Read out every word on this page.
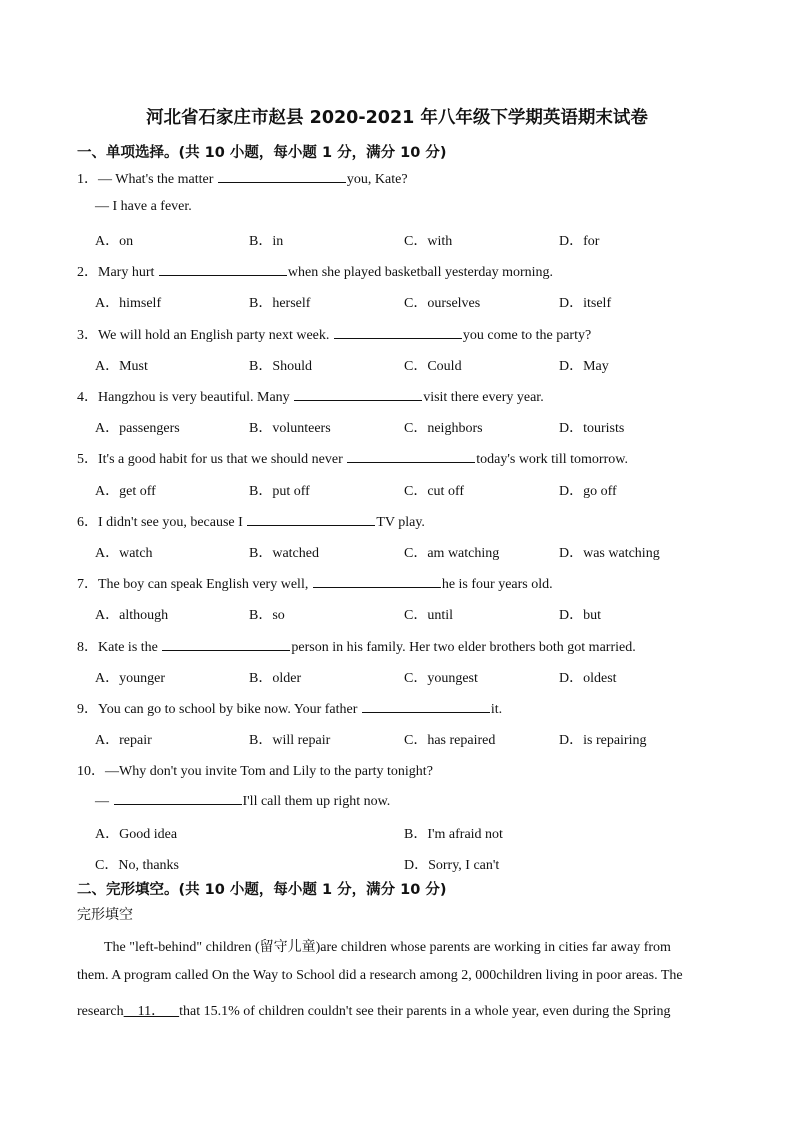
河北省石家庄市赵县 2020-2021 年八年级下学期英语期末试卷
一、单项选择。(共 10 小题，每小题 1 分，满分 10 分)
1．— What's the matter	you, Kate?
— I have a fever.
A．on	B．in	C．with	D．for
2．Mary hurt	when she played basketball yesterday morning.
A．himself	B．herself	C．ourselves	D．itself
3．We will hold an English party next week.	you come to the party?
A．Must	B．Should	C．Could	D．May
4．Hangzhou is very beautiful. Many	visit there every year.
A．passengers	B．volunteers	C．neighbors	D．tourists
5．It's a good habit for us that we should never	today's work till tomorrow.
A．get off	B．put off	C．cut off	D．go off
6．I didn't see you, because I	TV play.
A．watch	B．watched	C．am watching	D．was watching
7．The boy can speak English very well,	he is four years old.
A．although	B．so	C．until	D．but
8．Kate is the	person in his family. Her two elder brothers both got married.
A．younger	B．older	C．youngest	D．oldest
9．You can go to school by bike now. Your father	it.
A．repair	B．will repair	C．has repaired	D．is repairing
10．—Why don't you invite Tom and Lily to the party tonight?
—	I'll call them up right now.
A．Good idea	B．I'm afraid not
C．No, thanks	D．Sorry, I can't
二、完形填空。(共 10 小题，每小题 1 分，满分 10 分)
完形填空
The "left-behind" children (留守儿童)are children whose parents are working in cities far away from
them. A program called On the Way to School did a research among 2, 000children living in poor areas. The
research    11．    that 15.1% of children couldn't see their parents in a whole year, even during the Spring
